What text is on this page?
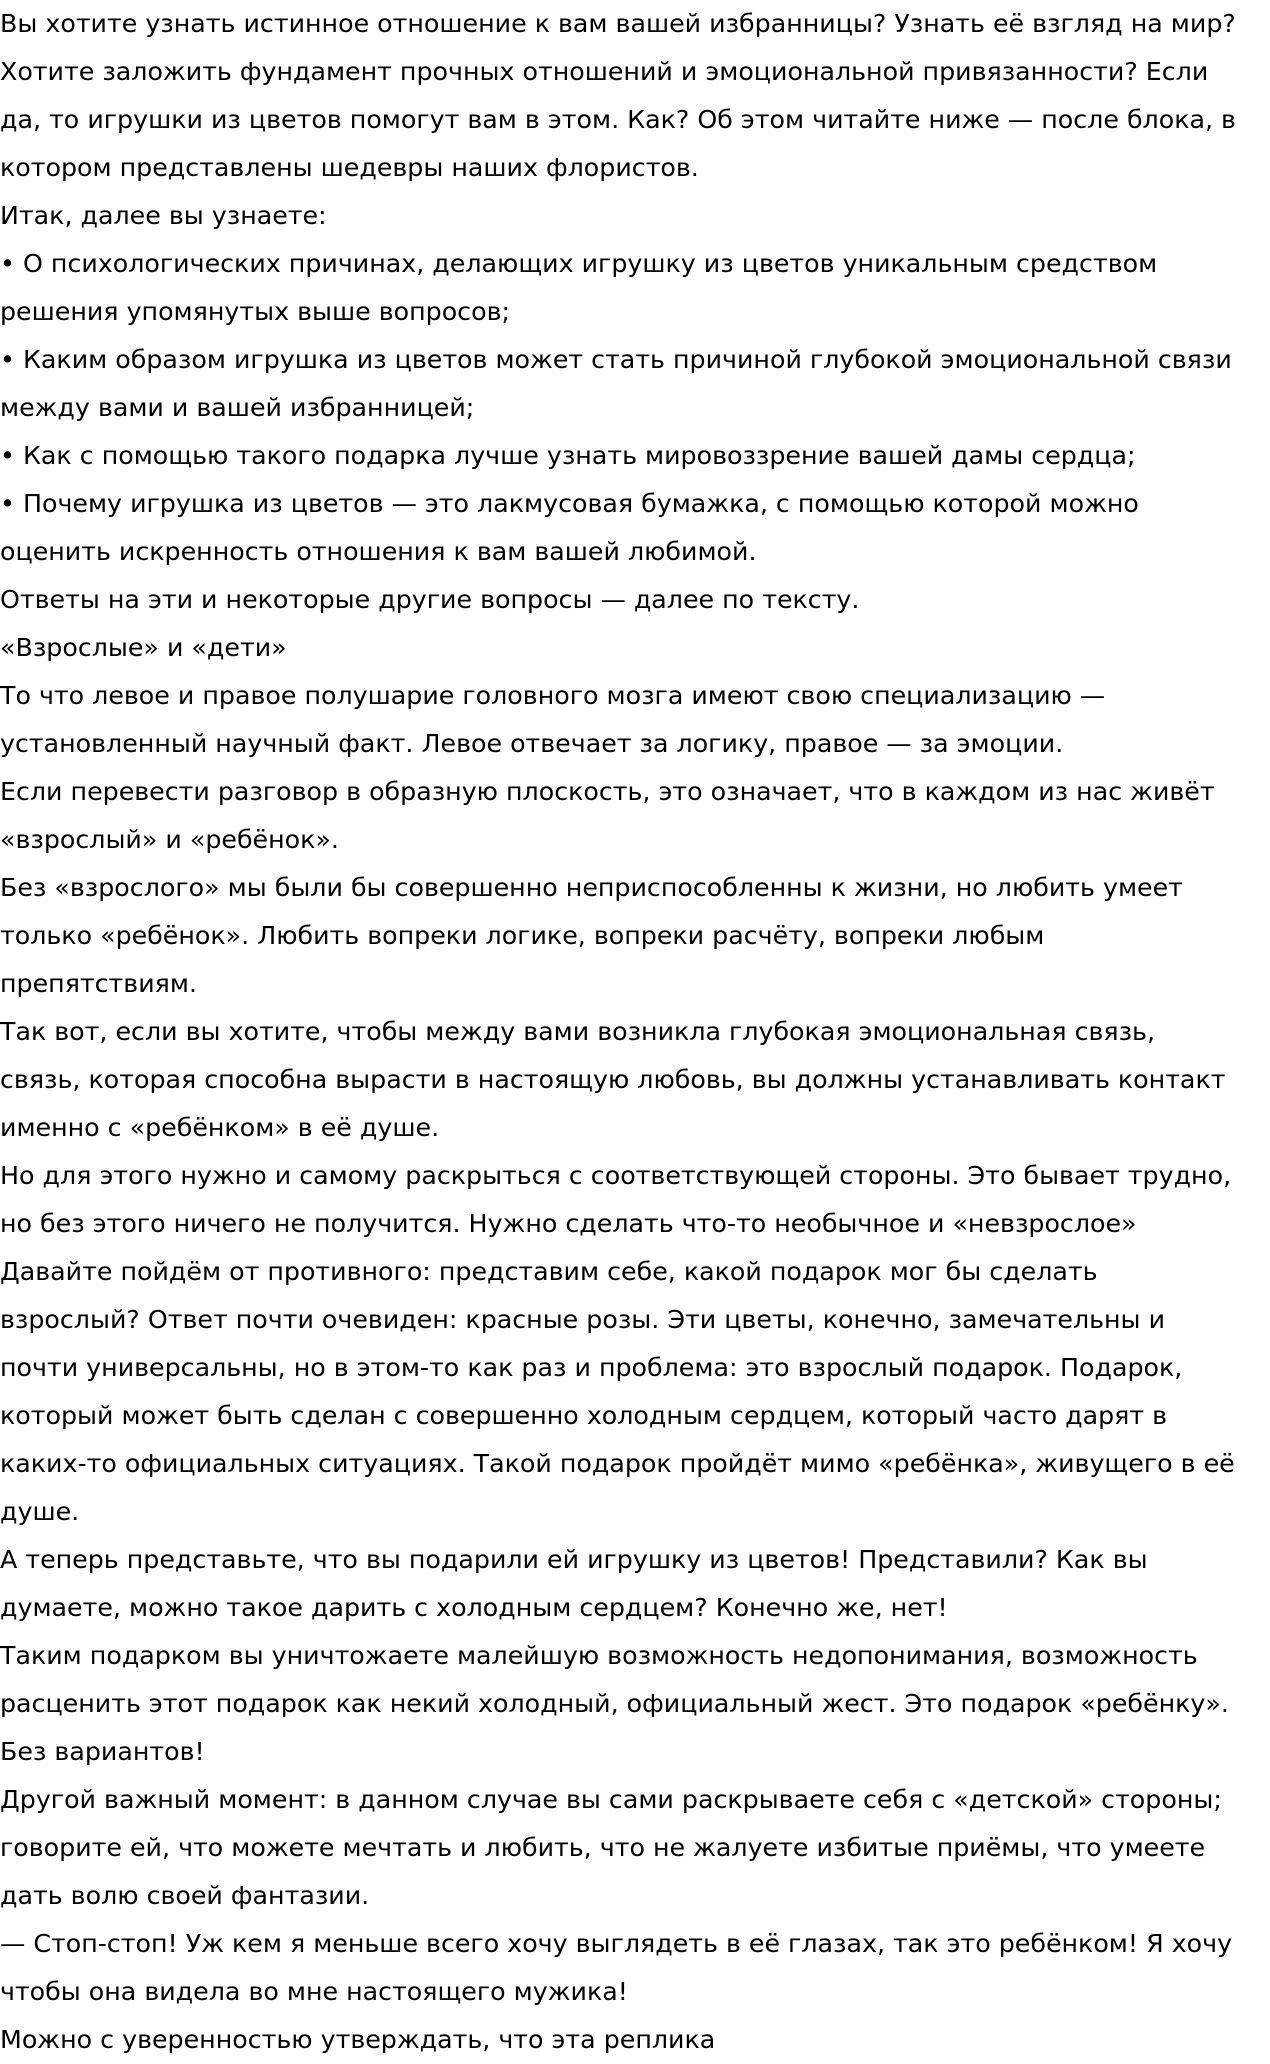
Вы хотите узнать истинное отношение к вам вашей избранницы? Узнать её взгляд на мир?

Хотите заложить фундамент прочных отношений и эмоциональной привязанности? Если

да, то игрушки из цветов помогут вам в этом. Как? Об этом читайте ниже — после блока, в

котором представлены шедевры наших флористов.

Итак, далее вы узнаете:

• О психологических причинах, делающих игрушку из цветов уникальным средством

решения упомянутых выше вопросов;

• Каким образом игрушка из цветов может стать причиной глубокой эмоциональной связи

между вами и вашей избранницей;

• Как с помощью такого подарка лучше узнать мировоззрение вашей дамы сердца;

• Почему игрушка из цветов — это лакмусовая бумажка, с помощью которой можно

оценить искренность отношения к вам вашей любимой.

Ответы на эти и некоторые другие вопросы — далее по тексту.

«Взрослые» и «дети»

То что левое и правое полушарие головного мозга имеют свою специализацию —

установленный научный факт. Левое отвечает за логику, правое — за эмоции.

Если перевести разговор в образную плоскость, это означает, что в каждом из нас живёт

«взрослый» и «ребёнок».

Без «взрослого» мы были бы совершенно неприспособленны к жизни, но любить умеет

только «ребёнок». Любить вопреки логике, вопреки расчёту, вопреки любым

препятствиям.

Так вот, если вы хотите, чтобы между вами возникла глубокая эмоциональная связь,

связь, которая способна вырасти в настоящую любовь, вы должны устанавливать контакт

именно с «ребёнком» в её душе.

Но для этого нужно и самому раскрыться с соответствующей стороны. Это бывает трудно,

но без этого ничего не получится. Нужно сделать что-то необычное и «невзрослое»

Давайте пойдём от противного: представим себе, какой подарок мог бы сделать

взрослый? Ответ почти очевиден: красные розы. Эти цветы, конечно, замечательны и

почти универсальны, но в этом-то как раз и проблема: это взрослый подарок. Подарок,

который может быть сделан с совершенно холодным сердцем, который часто дарят в

каких-то официальных ситуациях. Такой подарок пройдёт мимо «ребёнка», живущего в её

душе.

А теперь представьте, что вы подарили ей игрушку из цветов! Представили? Как вы

думаете, можно такое дарить с холодным сердцем? Конечно же, нет!

Таким подарком вы уничтожаете малейшую возможность недопонимания, возможность

расценить этот подарок как некий холодный, официальный жест. Это подарок «ребёнку».

Без вариантов!

Другой важный момент: в данном случае вы сами раскрываете себя с «детской» стороны;

говорите ей, что можете мечтать и любить, что не жалуете избитые приёмы, что умеете

дать волю своей фантазии.

— Стоп-стоп! Уж кем я меньше всего хочу выглядеть в её глазах, так это ребёнком! Я хочу

чтобы она видела во мне настоящего мужика!

Можно с уверенностью утверждать, что эта реплика
